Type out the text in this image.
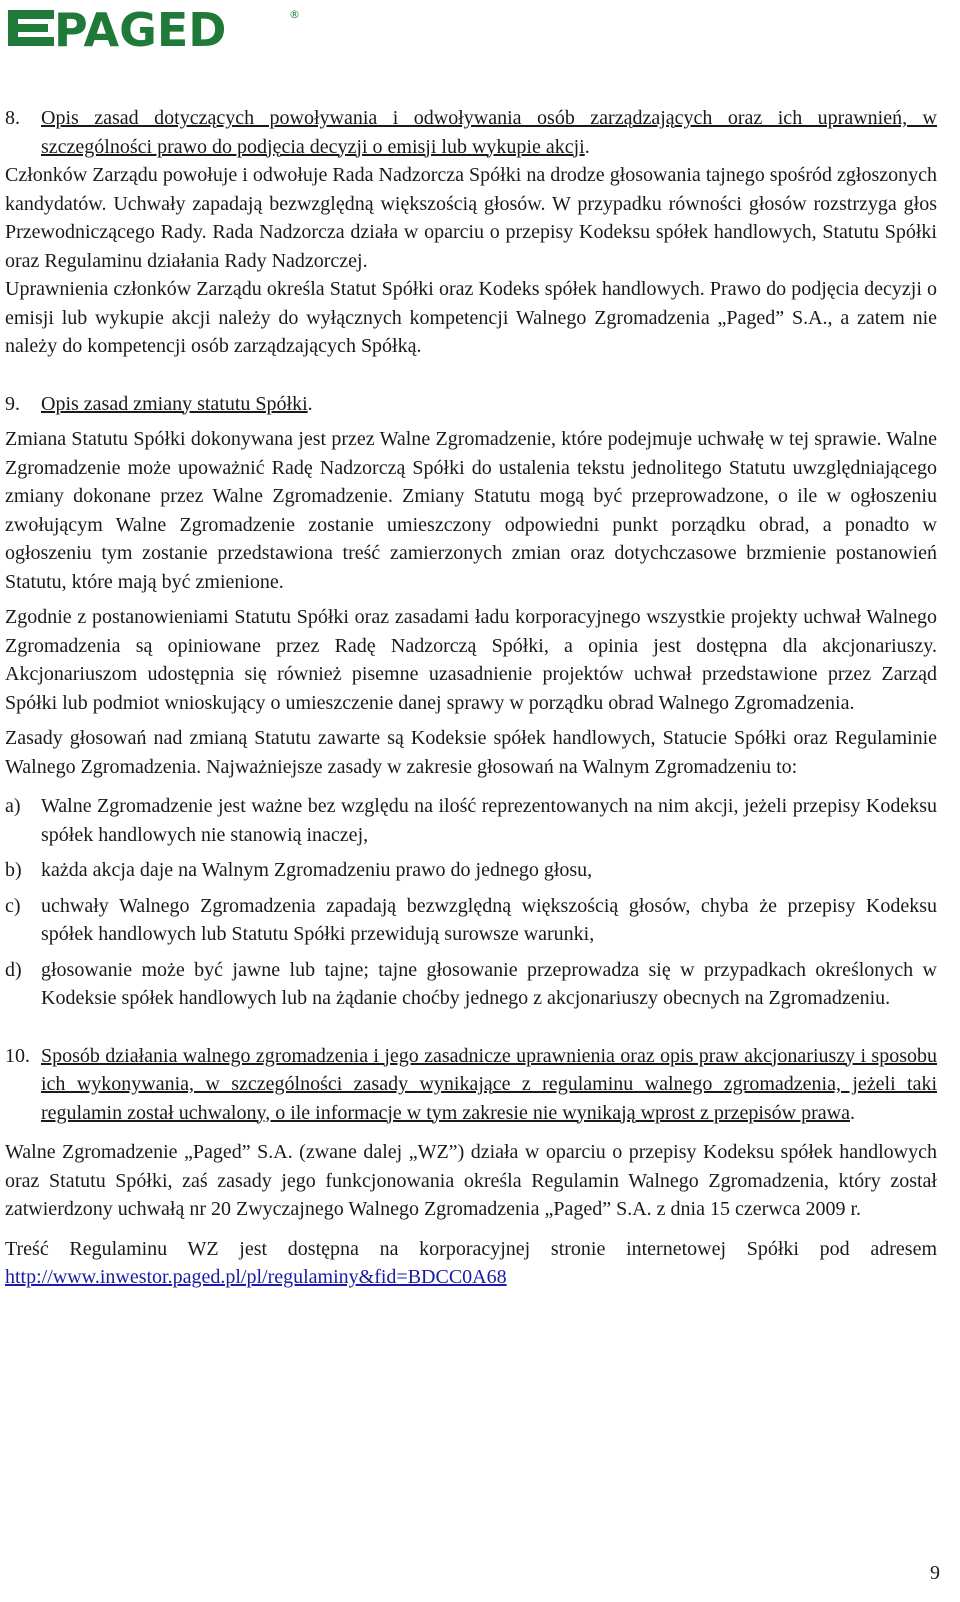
PAGED	®
8.	Opis zasad dotyczących powoływania i odwoływania osób zarządzających oraz ich uprawnień, w szczególności prawo do podjęcia decyzji o emisji lub wykupie akcji.

Członków Zarządu powołuje i odwołuje Rada Nadzorcza Spółki na drodze głosowania tajnego spośród zgłoszonych kandydatów. Uchwały zapadają bezwzględną większością głosów. W przypadku równości głosów rozstrzyga głos Przewodniczącego Rady. Rada Nadzorcza działa w oparciu o przepisy Kodeksu spółek handlowych, Statutu Spółki oraz Regulaminu działania Rady Nadzorczej.

Uprawnienia członków Zarządu określa Statut Spółki oraz Kodeks spółek handlowych. Prawo do podjęcia decyzji o emisji lub wykupie akcji należy do wyłącznych kompetencji Walnego Zgromadzenia „Paged” S.A., a zatem nie należy do kompetencji osób zarządzających Spółką.

9.	Opis zasad zmiany statutu Spółki.

Zmiana Statutu Spółki dokonywana jest przez Walne Zgromadzenie, które podejmuje uchwałę w tej sprawie. Walne Zgromadzenie może upoważnić Radę Nadzorczą Spółki do ustalenia tekstu jednolitego Statutu uwzględniającego zmiany dokonane przez Walne Zgromadzenie. Zmiany Statutu mogą być przeprowadzone, o ile w ogłoszeniu zwołującym Walne Zgromadzenie zostanie umieszczony odpowiedni punkt porządku obrad, a ponadto w ogłoszeniu tym zostanie przedstawiona treść zamierzonych zmian oraz dotychczasowe brzmienie postanowień Statutu, które mają być zmienione.

Zgodnie z postanowieniami Statutu Spółki oraz zasadami ładu korporacyjnego wszystkie projekty uchwał Walnego Zgromadzenia są opiniowane przez Radę Nadzorczą Spółki, a opinia jest dostępna dla akcjonariuszy. Akcjonariuszom udostępnia się również pisemne uzasadnienie projektów uchwał przedstawione przez Zarząd Spółki lub podmiot wnioskujący o umieszczenie danej sprawy w porządku obrad Walnego Zgromadzenia.

Zasady głosowań nad zmianą Statutu zawarte są Kodeksie spółek handlowych, Statucie Spółki oraz Regulaminie Walnego Zgromadzenia. Najważniejsze zasady w zakresie głosowań na Walnym Zgromadzeniu to:

a)	Walne Zgromadzenie jest ważne bez względu na ilość reprezentowanych na nim akcji, jeżeli przepisy Kodeksu spółek handlowych nie stanowią inaczej,
b) każda akcja daje na Walnym Zgromadzeniu prawo do jednego głosu,
c)	uchwały Walnego Zgromadzenia zapadają bezwzględną większością głosów, chyba że przepisy Kodeksu spółek handlowych lub Statutu Spółki przewidują surowsze warunki,
d) głosowanie może być jawne lub tajne; tajne głosowanie przeprowadza się w przypadkach określonych w Kodeksie spółek handlowych lub na żądanie choćby jednego z akcjonariuszy obecnych na Zgromadzeniu.
10. Sposób działania walnego zgromadzenia i jego zasadnicze uprawnienia oraz opis praw akcjonariuszy i sposobu ich wykonywania, w szczególności zasady wynikające z regulaminu walnego zgromadzenia, jeżeli taki regulamin został uchwalony, o ile informacje w tym zakresie nie wynikają wprost z przepisów prawa.

Walne Zgromadzenie „Paged” S.A. (zwane dalej „WZ”) działa w oparciu o przepisy Kodeksu spółek handlowych oraz Statutu Spółki, zaś zasady jego funkcjonowania określa Regulamin Walnego Zgromadzenia, który został zatwierdzony uchwałą nr 20 Zwyczajnego Walnego Zgromadzenia „Paged” S.A. z dnia 15 czerwca 2009 r.

Treść Regulaminu WZ jest dostępna na korporacyjnej stronie internetowej Spółki pod adresem http://www.inwestor.paged.pl/pl/regulaminy&fid=BDCC0A68

9
